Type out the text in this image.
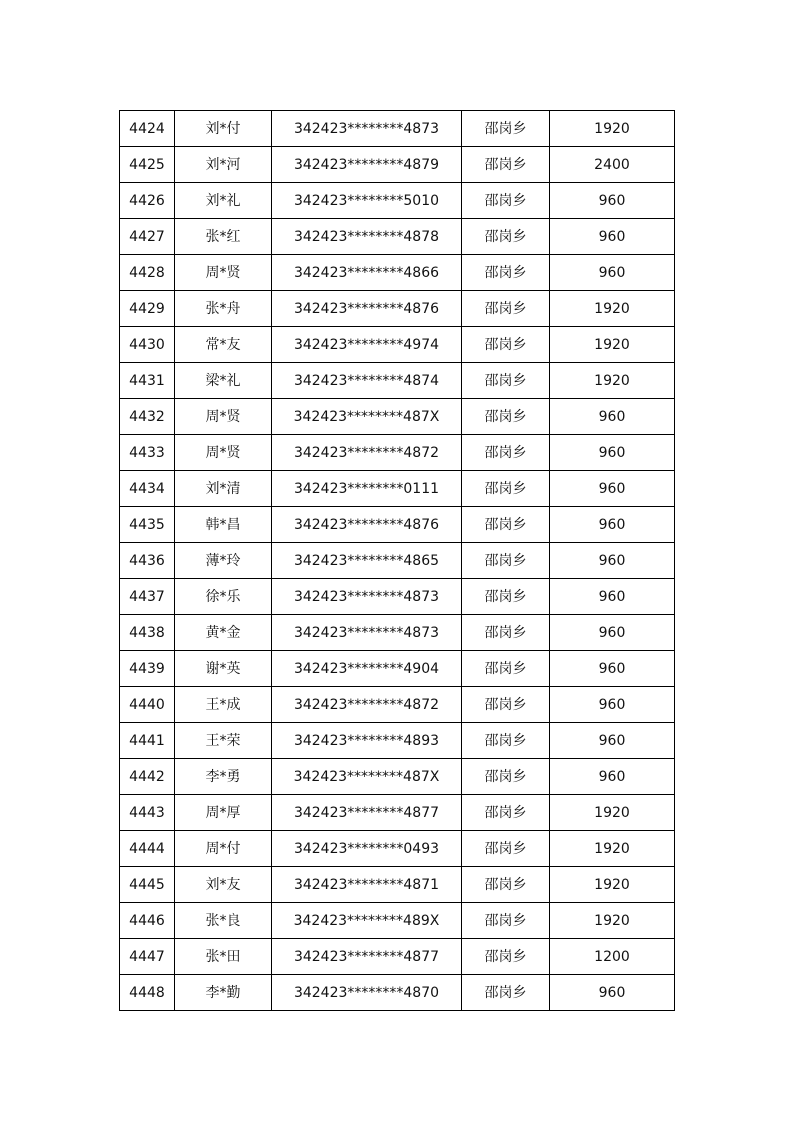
4424	刘*付	342423********4873	邵岗乡	1920
4425	刘*河	342423********4879	邵岗乡	2400
4426	刘*礼	342423********5010	邵岗乡	960
4427	张*红	342423********4878	邵岗乡	960
4428	周*贤	342423********4866	邵岗乡	960
4429	张*舟	342423********4876	邵岗乡	1920
4430	常*友	342423********4974	邵岗乡	1920
4431	梁*礼	342423********4874	邵岗乡	1920
4432	周*贤	342423********487X	邵岗乡	960
4433	周*贤	342423********4872	邵岗乡	960
4434	刘*清	342423********0111	邵岗乡	960
4435	韩*昌	342423********4876	邵岗乡	960
4436	薄*玲	342423********4865	邵岗乡	960
4437	徐*乐	342423********4873	邵岗乡	960
4438	黄*金	342423********4873	邵岗乡	960
4439	谢*英	342423********4904	邵岗乡	960
4440	王*成	342423********4872	邵岗乡	960
4441	王*荣	342423********4893	邵岗乡	960
4442	李*勇	342423********487X	邵岗乡	960
4443	周*厚	342423********4877	邵岗乡	1920
4444	周*付	342423********0493	邵岗乡	1920
4445	刘*友	342423********4871	邵岗乡	1920
4446	张*良	342423********489X	邵岗乡	1920
4447	张*田	342423********4877	邵岗乡	1200
4448	李*勤	342423********4870	邵岗乡	960
